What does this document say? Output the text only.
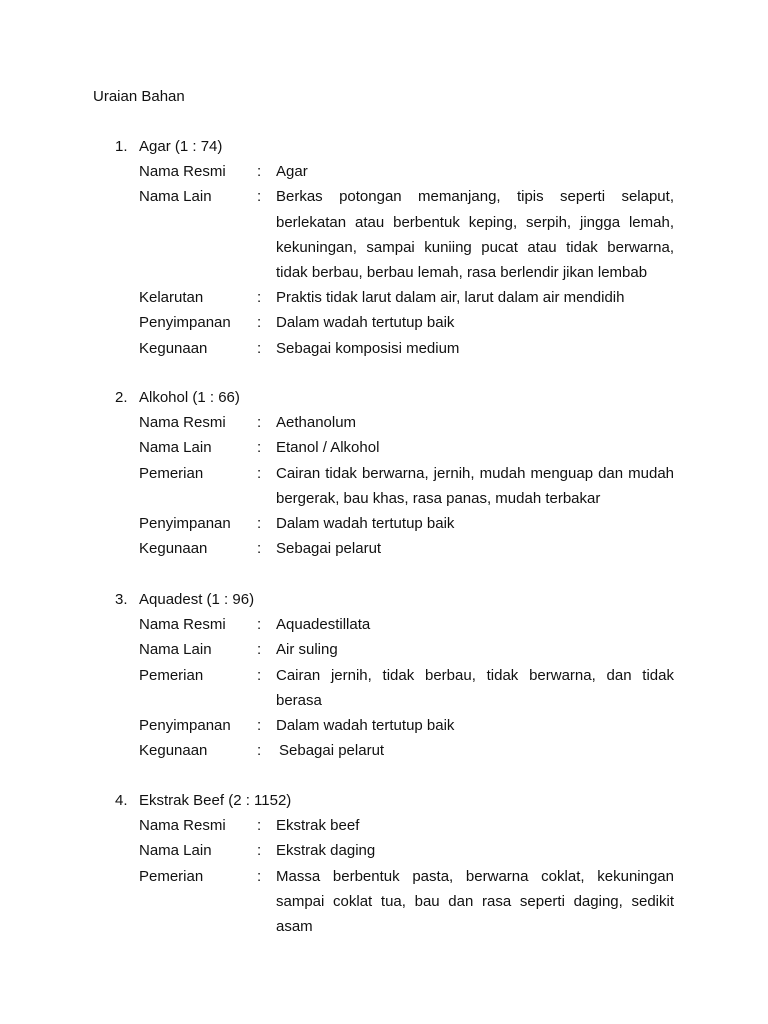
Uraian Bahan
1. Agar (1 : 74)
Nama Resmi : Agar
Nama Lain	: Berkas potongan memanjang, tipis seperti selaput, berlekatan atau berbentuk keping, serpih, jingga lemah, kekuningan, sampai kuniing pucat atau tidak berwarna, tidak berbau, berbau lemah, rasa berlendir jikan lembab
Kelarutan	: Praktis tidak larut dalam air, larut dalam air mendidih
Penyimpanan : Dalam wadah tertutup baik
Kegunaan	: Sebagai komposisi medium
2. Alkohol (1 : 66)
Nama Resmi : Aethanolum
Nama Lain	: Etanol / Alkohol
Pemerian	: Cairan tidak berwarna, jernih, mudah menguap dan mudah bergerak, bau khas, rasa panas, mudah terbakar
Penyimpanan : Dalam wadah tertutup baik
Kegunaan	: Sebagai pelarut
3. Aquadest (1 : 96)
Nama Resmi : Aquadestillata
Nama Lain	: Air suling
Pemerian	: Cairan jernih, tidak berbau, tidak berwarna, dan tidak berasa
Penyimpanan : Dalam wadah tertutup baik
Kegunaan	: Sebagai pelarut
4. Ekstrak Beef (2 : 1152)
Nama Resmi : Ekstrak beef
Nama Lain	: Ekstrak daging
Pemerian	: Massa berbentuk pasta, berwarna coklat, kekuningan sampai coklat tua, bau dan rasa seperti daging, sedikit asam
